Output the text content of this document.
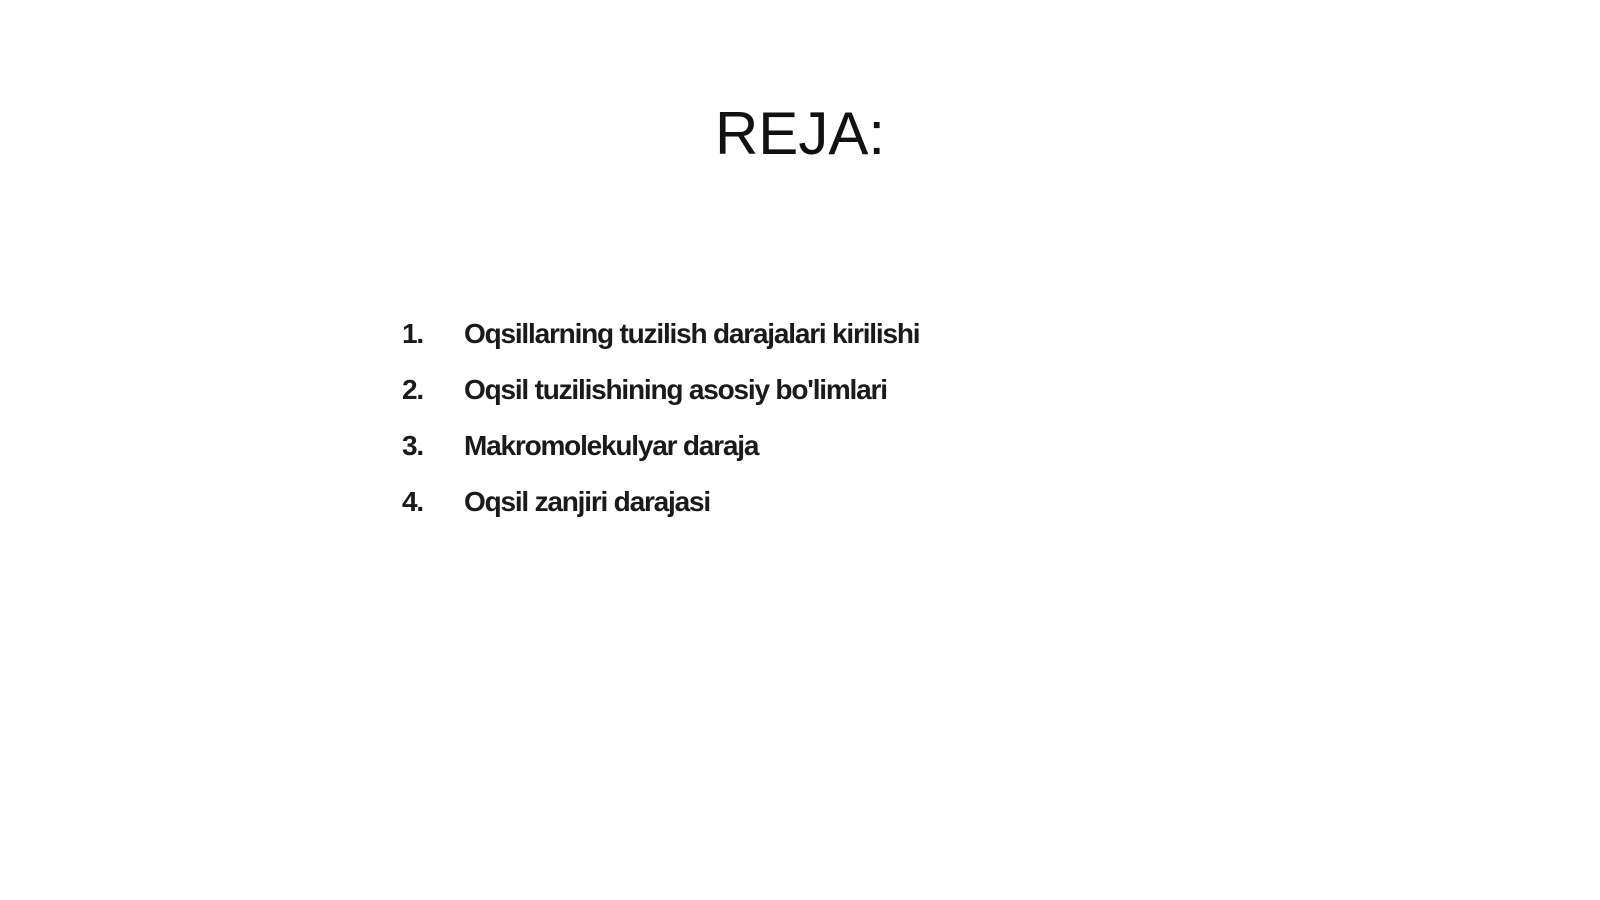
REJA:
1.	Oqsillarning tuzilish darajalari kirilishi
2.	Oqsil tuzilishining asosiy bo'limlari
3.	Makromolekulyar daraja
4.	Oqsil zanjiri darajasi
